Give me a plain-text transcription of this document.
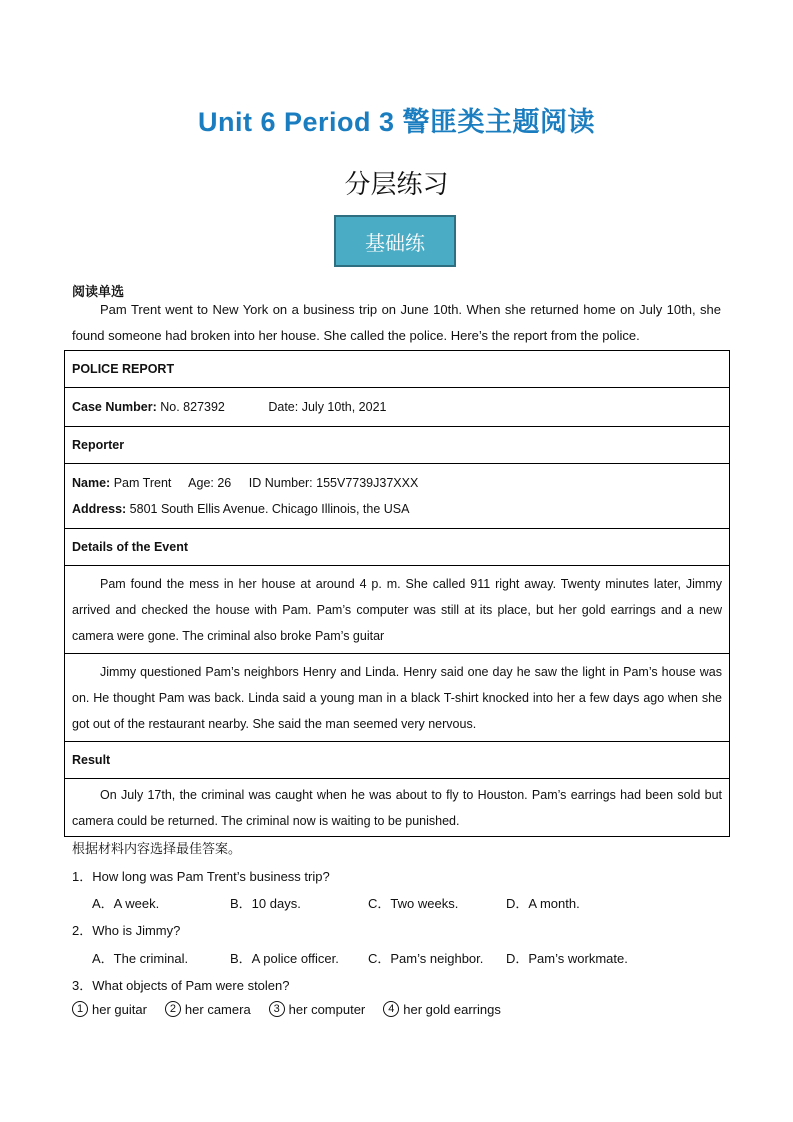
Unit 6 Period 3 警匪类主题阅读
分层练习
基础练
阅读单选
Pam Trent went to New York on a business trip on June 10th. When she returned home on July 10th, she found someone had broken into her house. She called the police. Here’s the report from the police.
POLICE REPORT
Case Number: No. 827392	Date: July 10th, 2021
Reporter

Name: Pam Trent Age: 26 ID Number: 155V7739J37XXX
Address: 5801 South Ellis Avenue. Chicago Illinois, the USA

Details of the Event

Pam found the mess in her house at around 4 p. m. She called 911 right away. Twenty minutes later, Jimmy arrived and checked the house with Pam. Pam’s computer was still at its place, but her gold earrings and a new camera were gone. The criminal also broke Pam’s guitar

Jimmy questioned Pam’s neighbors Henry and Linda. Henry said one day he saw the light in Pam’s house was on. He thought Pam was back. Linda said a young man in a black T-shirt knocked into her a few days ago when she got out of the restaurant nearby. She said the man seemed very nervous.

Result

On July 17th, the criminal was caught when he was about to fly to Houston. Pam’s earrings had been sold but camera could be returned. The criminal now is waiting to be punished.
根据材料内容选择最佳答案。
1．How long was Pam Trent’s business trip?
A．A week.	B．10 days.	C．Two weeks.	D．A month.
2．Who is Jimmy?
A．The criminal.	B．A police officer.	C．Pam’s neighbor.	D．Pam’s workmate.
3．What objects of Pam were stolen?
1 her guitar	2 her camera	3 her computer	4 her gold earrings
